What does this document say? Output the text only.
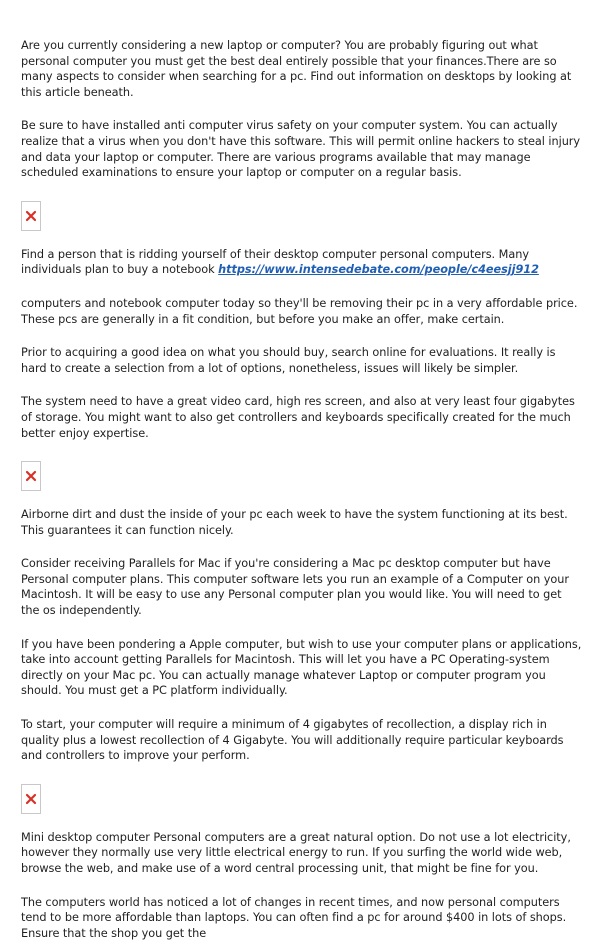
Are you currently considering a new laptop or computer? You are probably figuring out what personal computer you must get the best deal entirely possible that your finances.There are so many aspects to consider when searching for a pc. Find out information on desktops by looking at this article beneath.

Be sure to have installed anti computer virus safety on your computer system. You can actually realize that a virus when you don't have this software. This will permit online hackers to steal injury and data your laptop or computer. There are various programs available that may manage scheduled examinations to ensure your laptop or computer on a regular basis.

Find a person that is ridding yourself of their desktop computer personal computers. Many individuals plan to buy a notebook https://www.intensedebate.com/people/c4eesjj912

computers and notebook computer today so they'll be removing their pc in a very affordable price. These pcs are generally in a fit condition, but before you make an offer, make certain.

Prior to acquiring a good idea on what you should buy, search online for evaluations. It really is hard to create a selection from a lot of options, nonetheless, issues will likely be simpler.

The system need to have a great video card, high res screen, and also at very least four gigabytes of storage. You might want to also get controllers and keyboards specifically created for the much better enjoy expertise.

Airborne dirt and dust the inside of your pc each week to have the system functioning at its best. This guarantees it can function nicely.

Consider receiving Parallels for Mac if you're considering a Mac pc desktop computer but have Personal computer plans. This computer software lets you run an example of a Computer on your Macintosh. It will be easy to use any Personal computer plan you would like. You will need to get the os independently.

If you have been pondering a Apple computer, but wish to use your computer plans or applications, take into account getting Parallels for Macintosh. This will let you have a PC Operating-system directly on your Mac pc. You can actually manage whatever Laptop or computer program you should. You must get a PC platform individually.

To start, your computer will require a minimum of 4 gigabytes of recollection, a display rich in quality plus a lowest recollection of 4 Gigabyte. You will additionally require particular keyboards and controllers to improve your perform.

Mini desktop computer Personal computers are a great natural option. Do not use a lot electricity, however they normally use very little electrical energy to run. If you surfing the world wide web, browse the web, and make use of a word central processing unit, that might be fine for you.

The computers world has noticed a lot of changes in recent times, and now personal computers tend to be more affordable than laptops. You can often find a pc for around $400 in lots of shops. Ensure that the shop you get the
